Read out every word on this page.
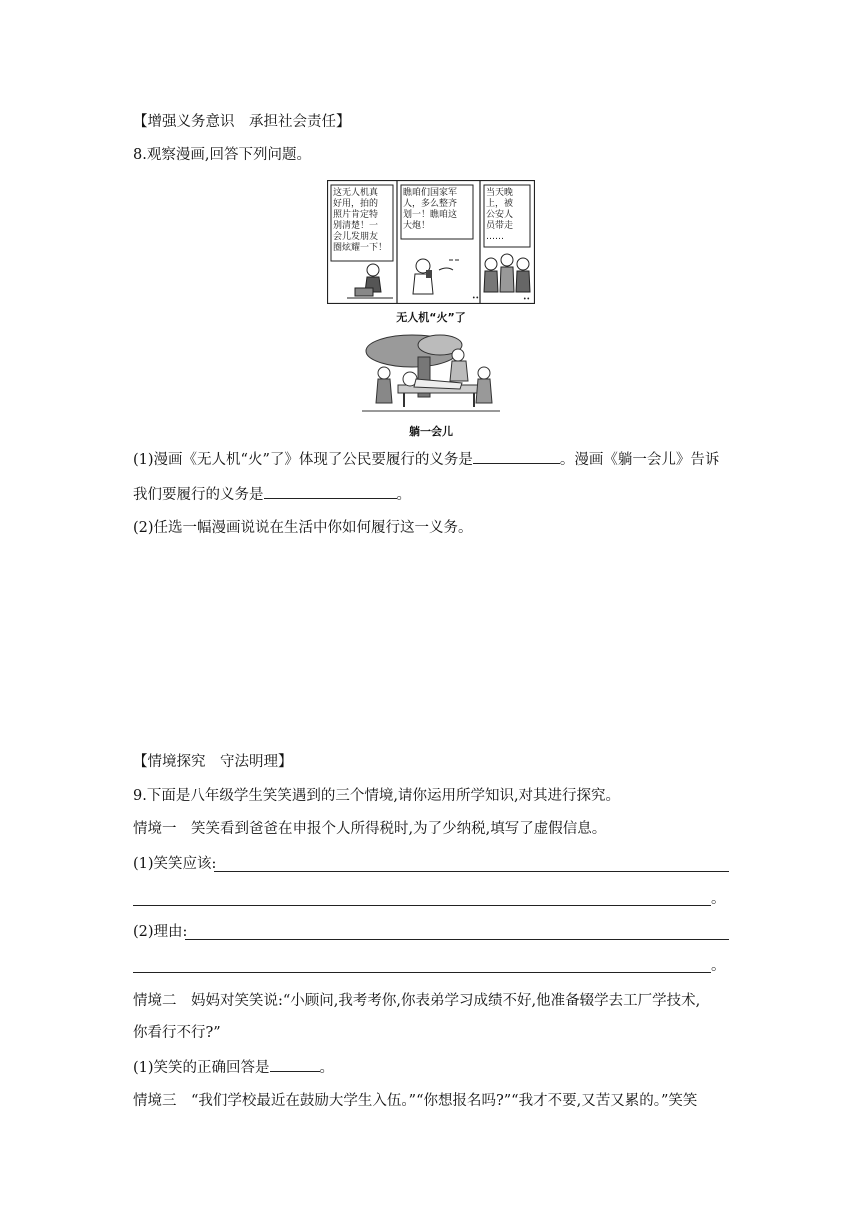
【增强义务意识　承担社会责任】
8.观察漫画,回答下列问题。
••	••
这无人机真
好用，拍的
照片肯定特
别清楚！一
会儿发朋友
圈炫耀一下！
瞧咱们国家军
人，多么整齐
划一！瞧咱这
大炮！
当天晚
上，被
公安人
员带走
……
无人机“火”了
躺一会儿
(1)漫画《无人机“火”了》体现了公民要履行的义务是	。漫画《躺一会儿》告诉
我们要履行的义务是	。
(2)任选一幅漫画说说在生活中你如何履行这一义务。
【情境探究　守法明理】
9.下面是八年级学生笑笑遇到的三个情境,请你运用所学知识,对其进行探究。
情境一　笑笑看到爸爸在申报个人所得税时,为了少纳税,填写了虚假信息。
(1)笑笑应该:
。
(2)理由:
。
情境二　妈妈对笑笑说:“小顾问,我考考你,你表弟学习成绩不好,他准备辍学去工厂学技术,
你看行不行?”
(1)笑笑的正确回答是	。
情境三　“我们学校最近在鼓励大学生入伍。”“你想报名吗?”“我才不要,又苦又累的。”笑笑
